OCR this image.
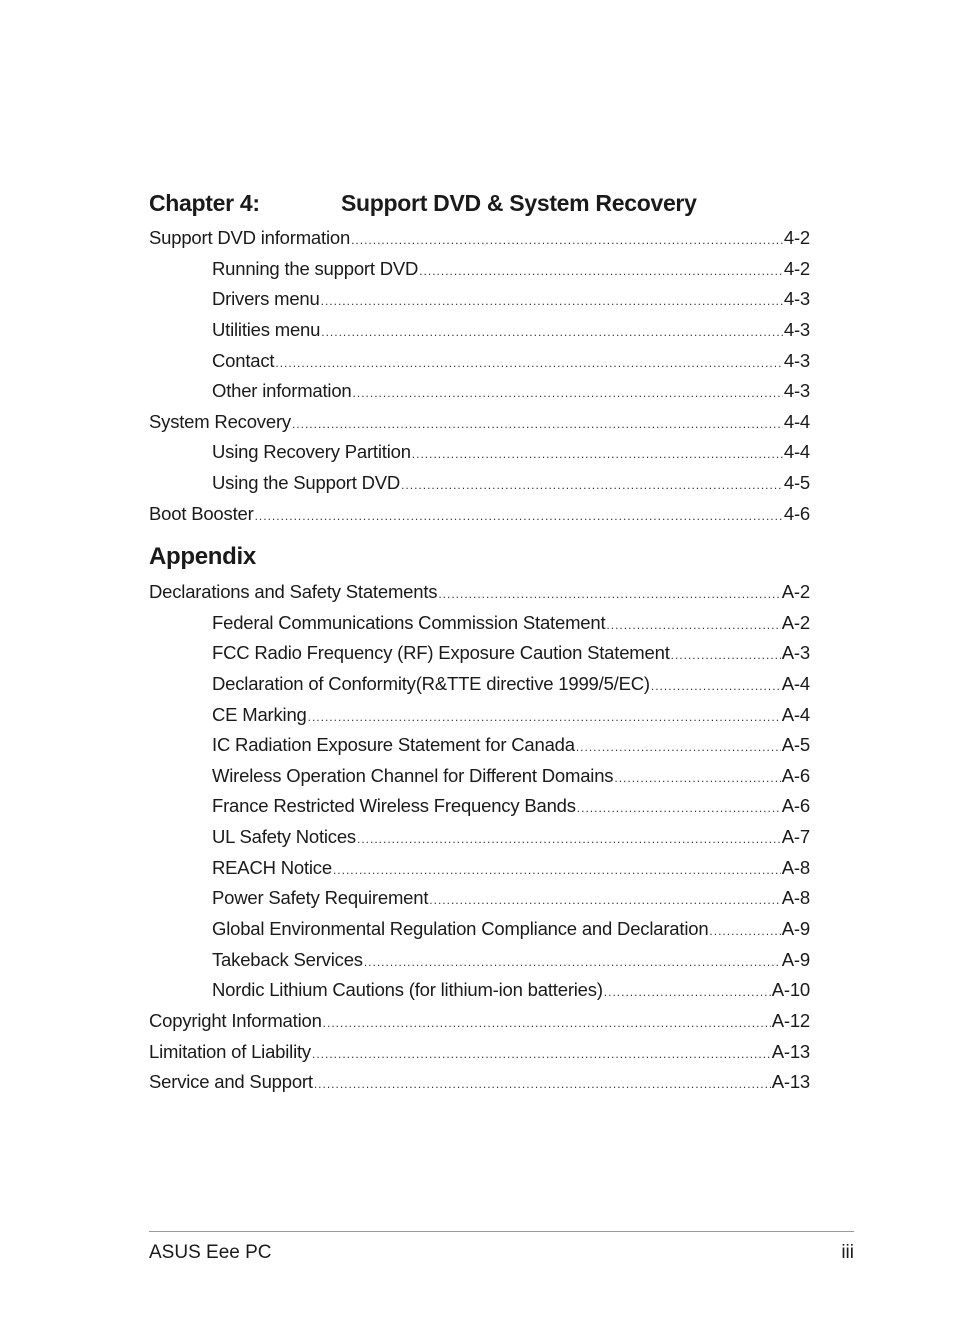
Chapter 4:	Support DVD & System Recovery
Support DVD information .....	4-2
Running the support DVD .....	4-2
Drivers menu .....	4-3
Utilities menu .....	4-3
Contact .....	4-3
Other information .....	4-3
System Recovery .....	4-4
Using Recovery Partition .....	4-4
Using the Support DVD .....	4-5
Boot Booster .....	4-6
Appendix
Declarations and Safety Statements .....	A-2
Federal Communications Commission Statement .....	A-2
FCC Radio Frequency (RF) Exposure Caution Statement .....	A-3
Declaration of Conformity(R&TTE directive 1999/5/EC) .....	A-4
CE Marking .....	A-4
IC Radiation Exposure Statement for Canada .....	A-5
Wireless Operation Channel for Different Domains .....	A-6
France Restricted Wireless Frequency Bands .....	A-6
UL Safety Notices .....	A-7
REACH Notice .....	A-8
Power Safety Requirement .....	A-8
Global Environmental Regulation Compliance and Declaration .....	A-9
Takeback Services .....	A-9
Nordic Lithium Cautions (for lithium-ion batteries) .....	A-10
Copyright Information .....	A-12
Limitation of Liability .....	A-13
Service and Support .....	A-13
ASUS Eee PC	iii
